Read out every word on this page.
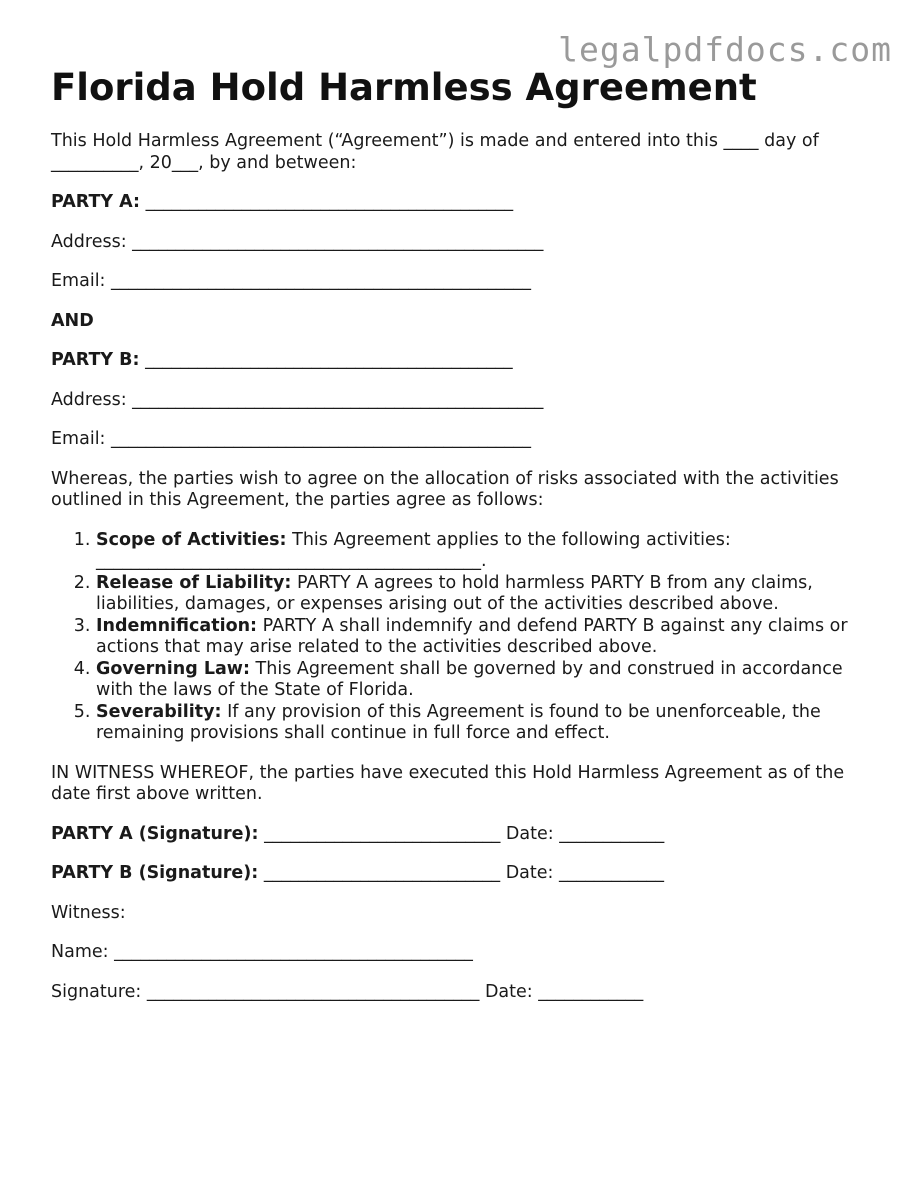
legalpdfdocs.com
Florida Hold Harmless Agreement

This Hold Harmless Agreement (“Agreement”) is made and entered into this ____ day of
__________, 20___, by and between:

PARTY A: __________________________________________

Address: _______________________________________________

Email: ________________________________________________

AND

PARTY B: __________________________________________

Address: _______________________________________________

Email: ________________________________________________

Whereas, the parties wish to agree on the allocation of risks associated with the activities
outlined in this Agreement, the parties agree as follows:

1. Scope of Activities: This Agreement applies to the following activities:
____________________________________________.
2. Release of Liability: PARTY A agrees to hold harmless PARTY B from any claims,
liabilities, damages, or expenses arising out of the activities described above.
3. Indemnification: PARTY A shall indemnify and defend PARTY B against any claims or
actions that may arise related to the activities described above.
4. Governing Law: This Agreement shall be governed by and construed in accordance
with the laws of the State of Florida.
5. Severability: If any provision of this Agreement is found to be unenforceable, the
remaining provisions shall continue in full force and effect.

IN WITNESS WHEREOF, the parties have executed this Hold Harmless Agreement as of the
date first above written.

PARTY A (Signature): ___________________________ Date: ____________

PARTY B (Signature): ___________________________ Date: ____________

Witness:

Name: _________________________________________

Signature: ______________________________________ Date: ____________
